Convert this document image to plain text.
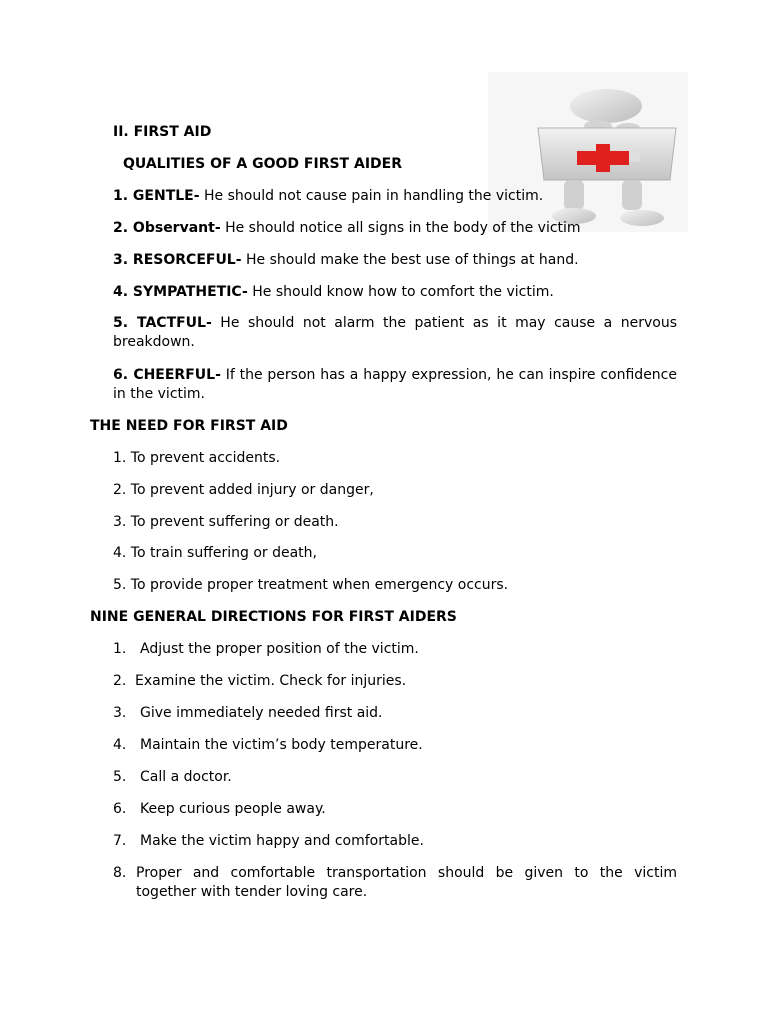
II. FIRST AID
QUALITIES OF A GOOD FIRST AIDER
1. GENTLE- He should not cause pain in handling the victim.
2. Observant- He should notice all signs in the body of the victim
3. RESORCEFUL- He should make the best use of things at hand.
4. SYMPATHETIC- He should know how to comfort the victim.
5. TACTFUL- He should not alarm the patient as it may cause a nervous
breakdown.
6. CHEERFUL- If the person has a happy expression, he can inspire confidence
in the victim.
THE NEED FOR FIRST AID
1. To prevent accidents.
2. To prevent added injury or danger,
3. To prevent suffering or death.
4. To train suffering or death,
5. To provide proper treatment when emergency occurs.
NINE GENERAL DIRECTIONS FOR FIRST AIDERS
1. Adjust the proper position of the victim.
2. Examine the victim. Check for injuries.
3. Give immediately needed first aid.
4. Maintain the victim’s body temperature.
5. Call a doctor.
6. Keep curious people away.
7. Make the victim happy and comfortable.
8. Proper and comfortable transportation should be given to the victim
together with tender loving care.
